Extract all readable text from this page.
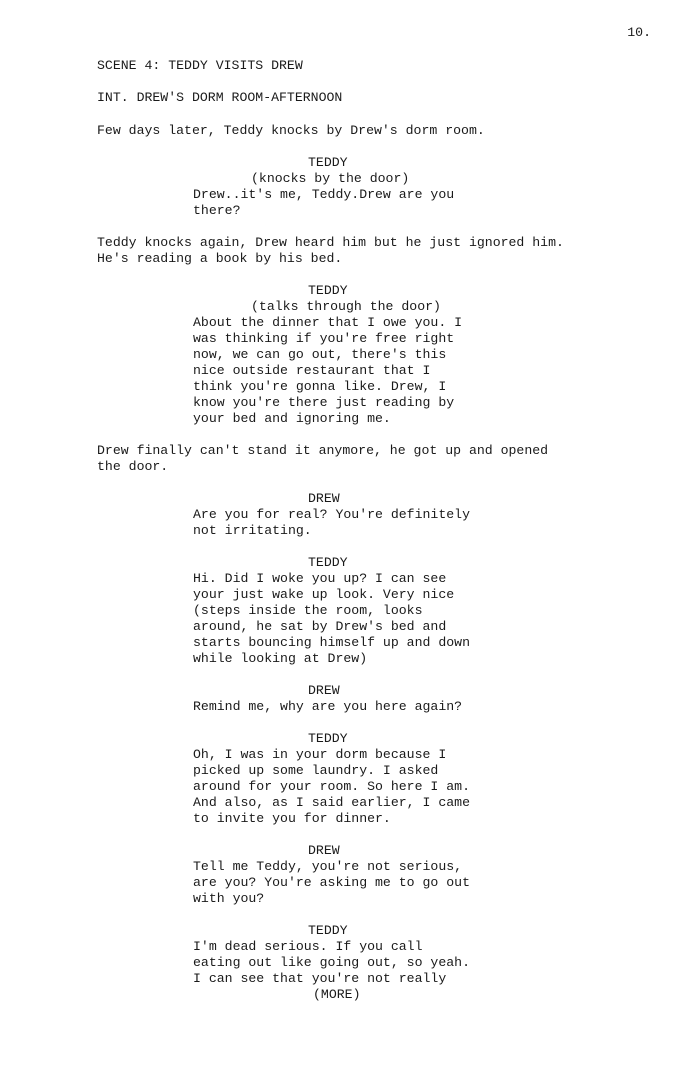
10.
SCENE 4: TEDDY VISITS DREW
INT. DREW'S DORM ROOM-AFTERNOON
Few days later, Teddy knocks by Drew's dorm room.
TEDDY
(knocks by the door)
Drew..it's me, Teddy.Drew are you
there?
Teddy knocks again, Drew heard him but he just ignored him.
He's reading a book by his bed.
TEDDY
(talks through the door)
About the dinner that I owe you. I
was thinking if you're free right
now, we can go out, there's this
nice outside restaurant that I
think you're gonna like. Drew, I
know you're there just reading by
your bed and ignoring me.
Drew finally can't stand it anymore, he got up and opened
the door.
DREW
Are you for real? You're definitely
not irritating.
TEDDY
Hi. Did I woke you up? I can see
your just wake up look. Very nice
(steps inside the room, looks
around, he sat by Drew's bed and
starts bouncing himself up and down
while looking at Drew)
DREW
Remind me, why are you here again?
TEDDY
Oh, I was in your dorm because I
picked up some laundry. I asked
around for your room. So here I am.
And also, as I said earlier, I came
to invite you for dinner.
DREW
Tell me Teddy, you're not serious,
are you? You're asking me to go out
with you?
TEDDY
I'm dead serious. If you call
eating out like going out, so yeah.
I can see that you're not really
(MORE)
